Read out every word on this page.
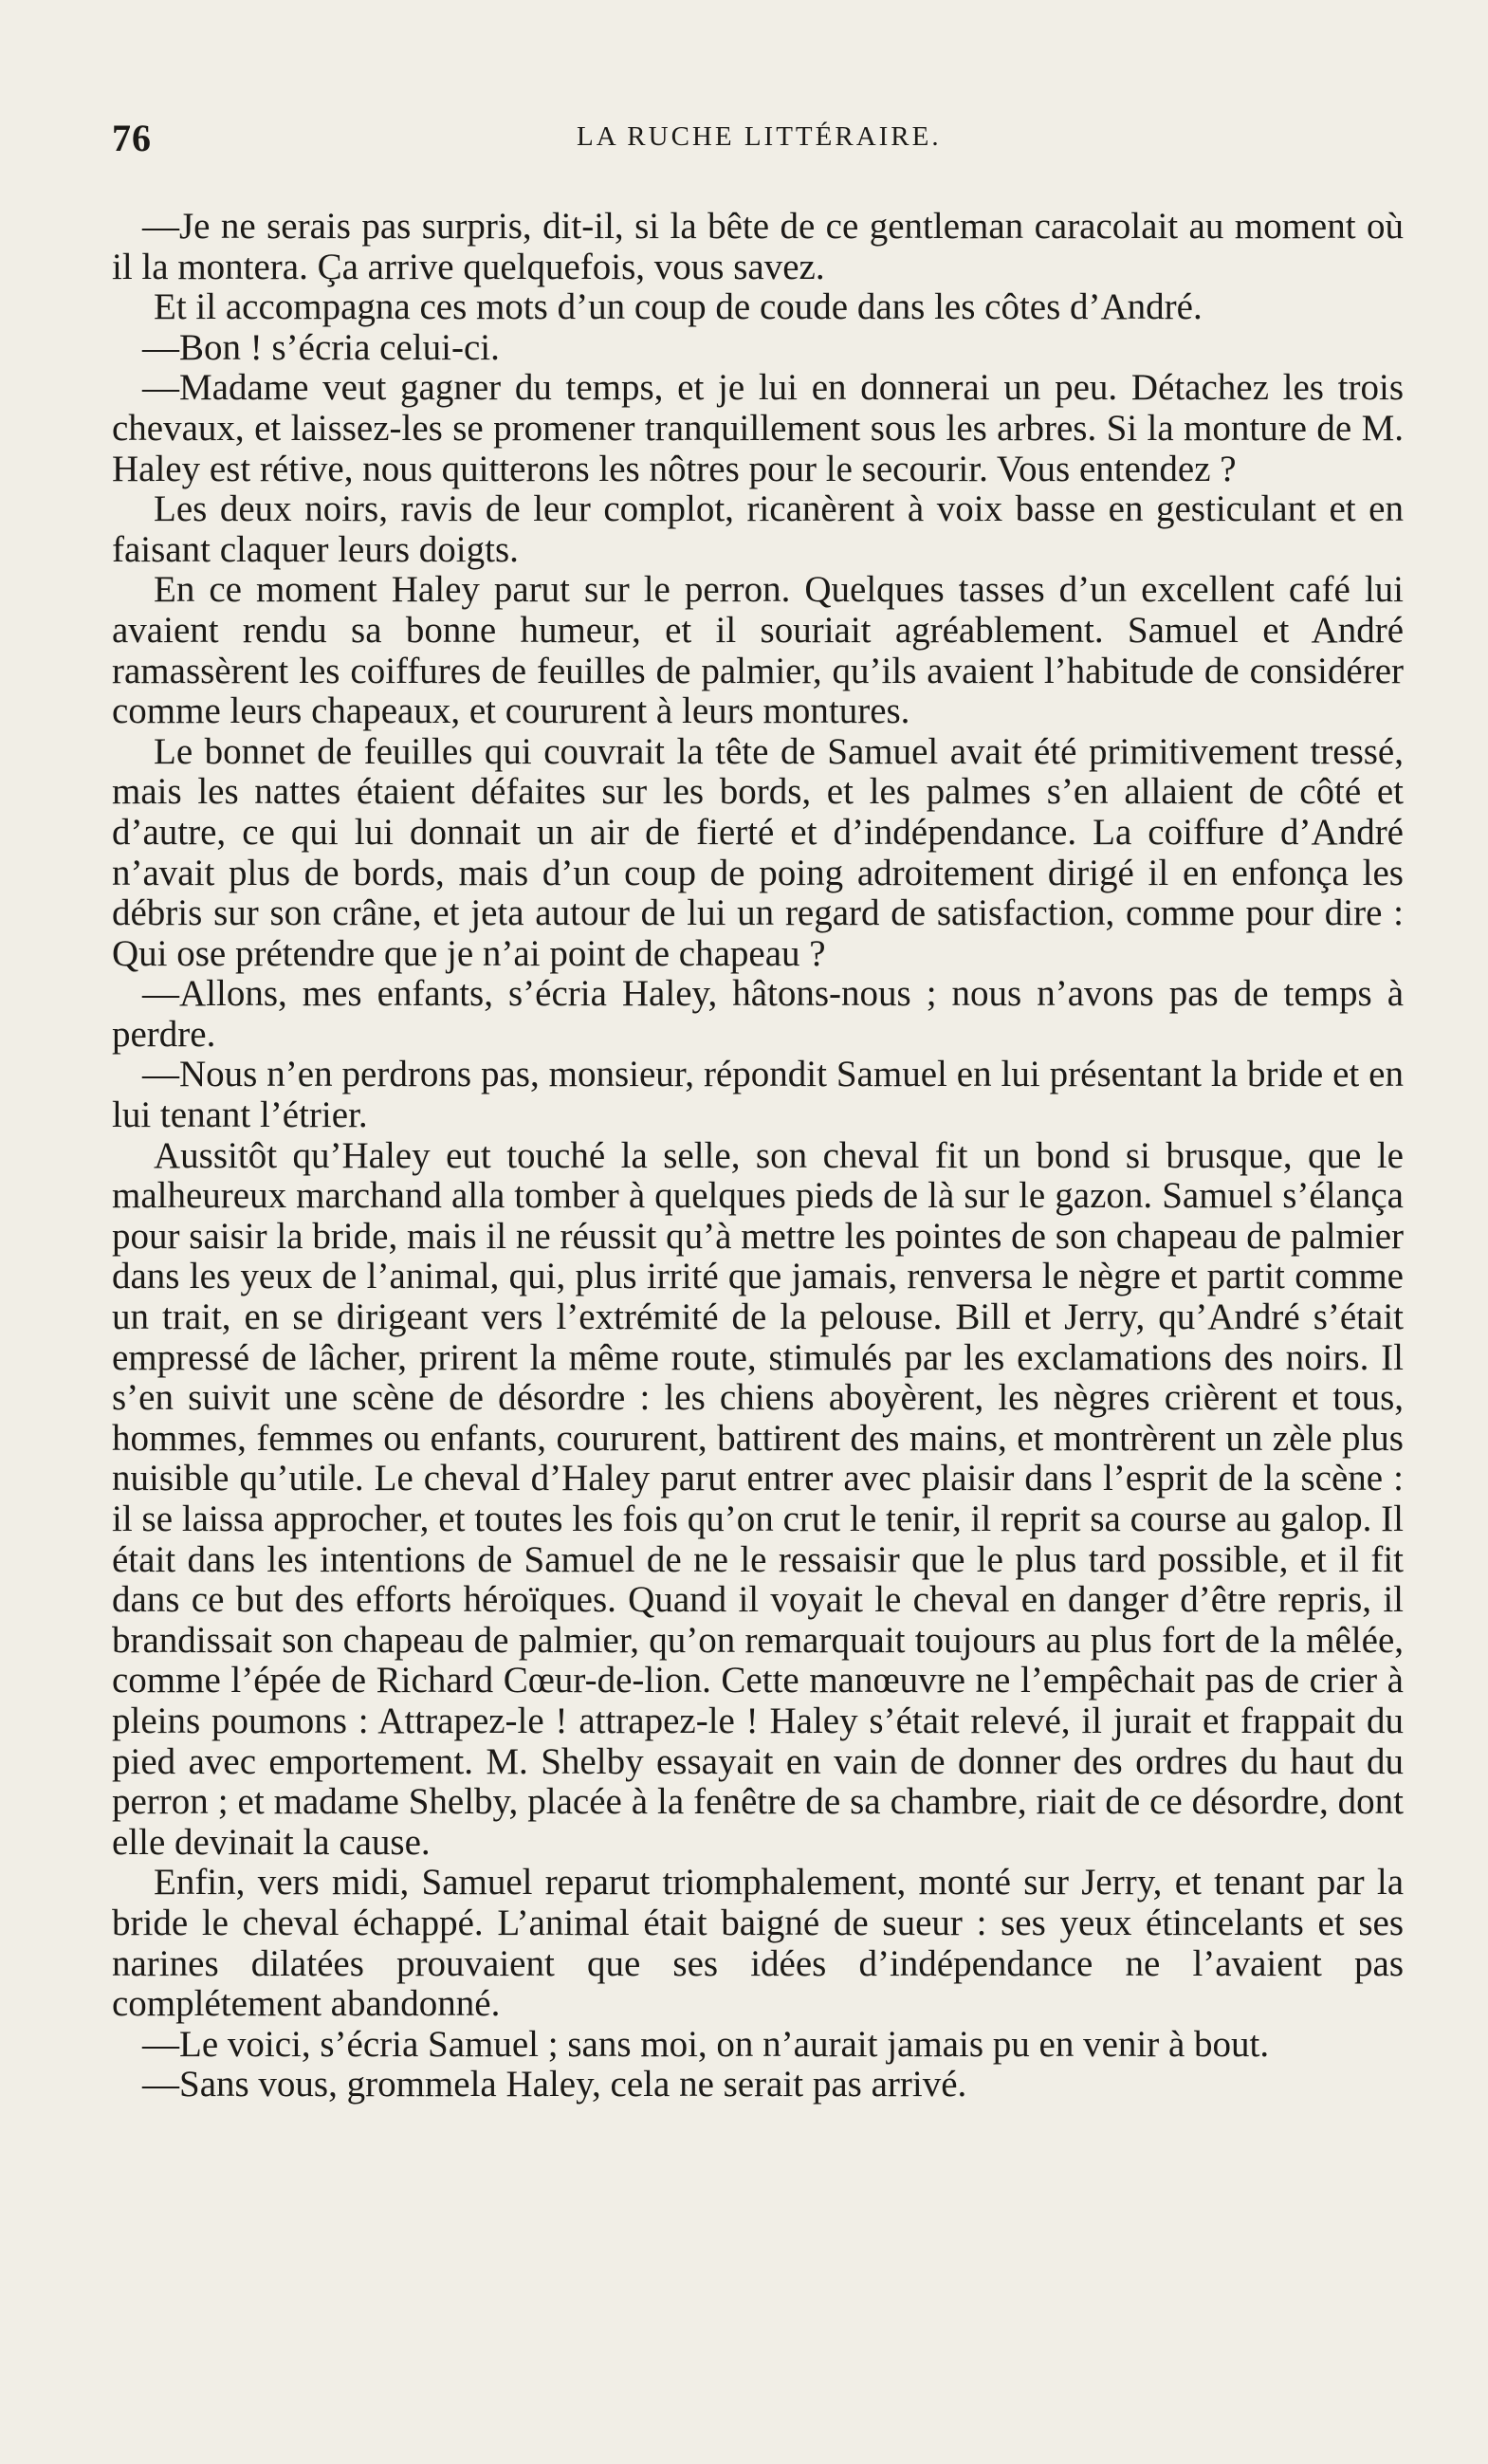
76	LA RUCHE LITTÉRAIRE.

—Je ne serais pas surpris, dit-il, si la bête de ce gentleman caracolait au moment où il la montera. Ça arrive quelquefois, vous savez.

Et il accompagna ces mots d’un coup de coude dans les côtes d’André.

—Bon ! s’écria celui-ci.

—Madame veut gagner du temps, et je lui en donnerai un peu. Détachez les trois chevaux, et laissez-les se promener tranquillement sous les arbres. Si la monture de M. Haley est rétive, nous quitterons les nôtres pour le secourir. Vous entendez ?

Les deux noirs, ravis de leur complot, ricanèrent à voix basse en gesticulant et en faisant claquer leurs doigts.

En ce moment Haley parut sur le perron. Quelques tasses d’un excellent café lui avaient rendu sa bonne humeur, et il souriait agréablement. Samuel et André ramassèrent les coiffures de feuilles de palmier, qu’ils avaient l’habitude de considérer comme leurs chapeaux, et coururent à leurs montures.

Le bonnet de feuilles qui couvrait la tête de Samuel avait été primitivement tressé, mais les nattes étaient défaites sur les bords, et les palmes s’en allaient de côté et d’autre, ce qui lui donnait un air de fierté et d’indépendance. La coiffure d’André n’avait plus de bords, mais d’un coup de poing adroitement dirigé il en enfonça les débris sur son crâne, et jeta autour de lui un regard de satisfaction, comme pour dire : Qui ose prétendre que je n’ai point de chapeau ?

—Allons, mes enfants, s’écria Haley, hâtons-nous ; nous n’avons pas de temps à perdre.

—Nous n’en perdrons pas, monsieur, répondit Samuel en lui présentant la bride et en lui tenant l’étrier.

Aussitôt qu’Haley eut touché la selle, son cheval fit un bond si brusque, que le malheureux marchand alla tomber à quelques pieds de là sur le gazon. Samuel s’élança pour saisir la bride, mais il ne réussit qu’à mettre les pointes de son chapeau de palmier dans les yeux de l’animal, qui, plus irrité que jamais, renversa le nègre et partit comme un trait, en se dirigeant vers l’extrémité de la pelouse. Bill et Jerry, qu’André s’était empressé de lâcher, prirent la même route, stimulés par les exclamations des noirs. Il s’en suivit une scène de désordre : les chiens aboyèrent, les nègres crièrent et tous, hommes, femmes ou enfants, coururent, battirent des mains, et montrèrent un zèle plus nuisible qu’utile. Le cheval d’Haley parut entrer avec plaisir dans l’esprit de la scène : il se laissa approcher, et toutes les fois qu’on crut le tenir, il reprit sa course au galop. Il était dans les intentions de Samuel de ne le ressaisir que le plus tard possible, et il fit dans ce but des efforts héroïques. Quand il voyait le cheval en danger d’être repris, il brandissait son chapeau de palmier, qu’on remarquait toujours au plus fort de la mêlée, comme l’épée de Richard Cœur-de-lion. Cette manœuvre ne l’empêchait pas de crier à pleins poumons : Attrapez-le ! attrapez-le ! Haley s’était relevé, il jurait et frappait du pied avec emportement. M. Shelby essayait en vain de donner des ordres du haut du perron ; et madame Shelby, placée à la fenêtre de sa chambre, riait de ce désordre, dont elle devinait la cause.

Enfin, vers midi, Samuel reparut triomphalement, monté sur Jerry, et tenant par la bride le cheval échappé. L’animal était baigné de sueur : ses yeux étincelants et ses narines dilatées prouvaient que ses idées d’indépendance ne l’avaient pas complétement abandonné.

—Le voici, s’écria Samuel ; sans moi, on n’aurait jamais pu en venir à bout.

—Sans vous, grommela Haley, cela ne serait pas arrivé.
